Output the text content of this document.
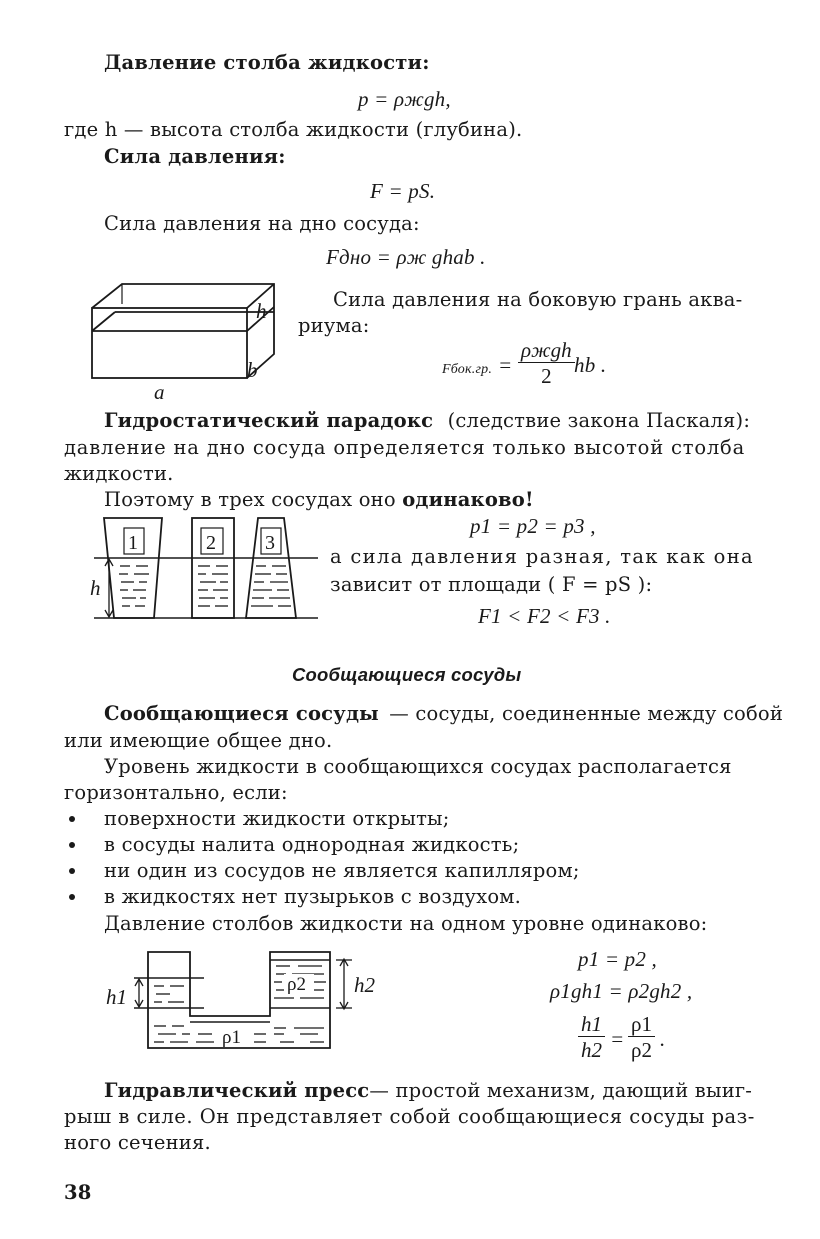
Давление столба жидкости:
p = ρжgh,
где h — высота столба жидкости (глубина).
Сила давления:
F = pS.
Сила давления на дно сосуда:
Fдно = ρж ghab .
h
b
a
Сила давления на боковую грань аква-
риума:
Fбок.гр. =
ρжgh
2 hb .
Гидростатический парадокс (следствие закона Паскаля):
давление на дно сосуда определяется только высотой столба
жидкости.
Поэтому в трех сосудах оно одинаково!
1	2 3
h
p1 = p2 = p3 ,
а сила давления разная, так как она
зависит от площади ( F = pS ):
F1 < F2 < F3 .
Сообщающиеся сосуды
Сообщающиеся сосуды — сосуды, соединенные между собой
или имеющие общее дно.
Уровень жидкости в сообщающихся сосудах располагается
горизонтально, если:
поверхности жидкости открыты;
в сосуды налита однородная жидкость;
ни один из сосудов не является капилляром;
в жидкостях нет пузырьков с воздухом.
Давление столбов жидкости на одном уровне одинаково:
ρ2
ρ1
h1	h2
p1 = p2 ,
ρ1gh1 = ρ2gh2 ,
$\frac{h1}{h2} = \frac{\rho 1}{\rho 2}$ .
Гидравлический пресс — простой механизм, дающий выиг-
рыш в силе. Он представляет собой сообщающиеся сосуды раз-
ного сечения.
38
